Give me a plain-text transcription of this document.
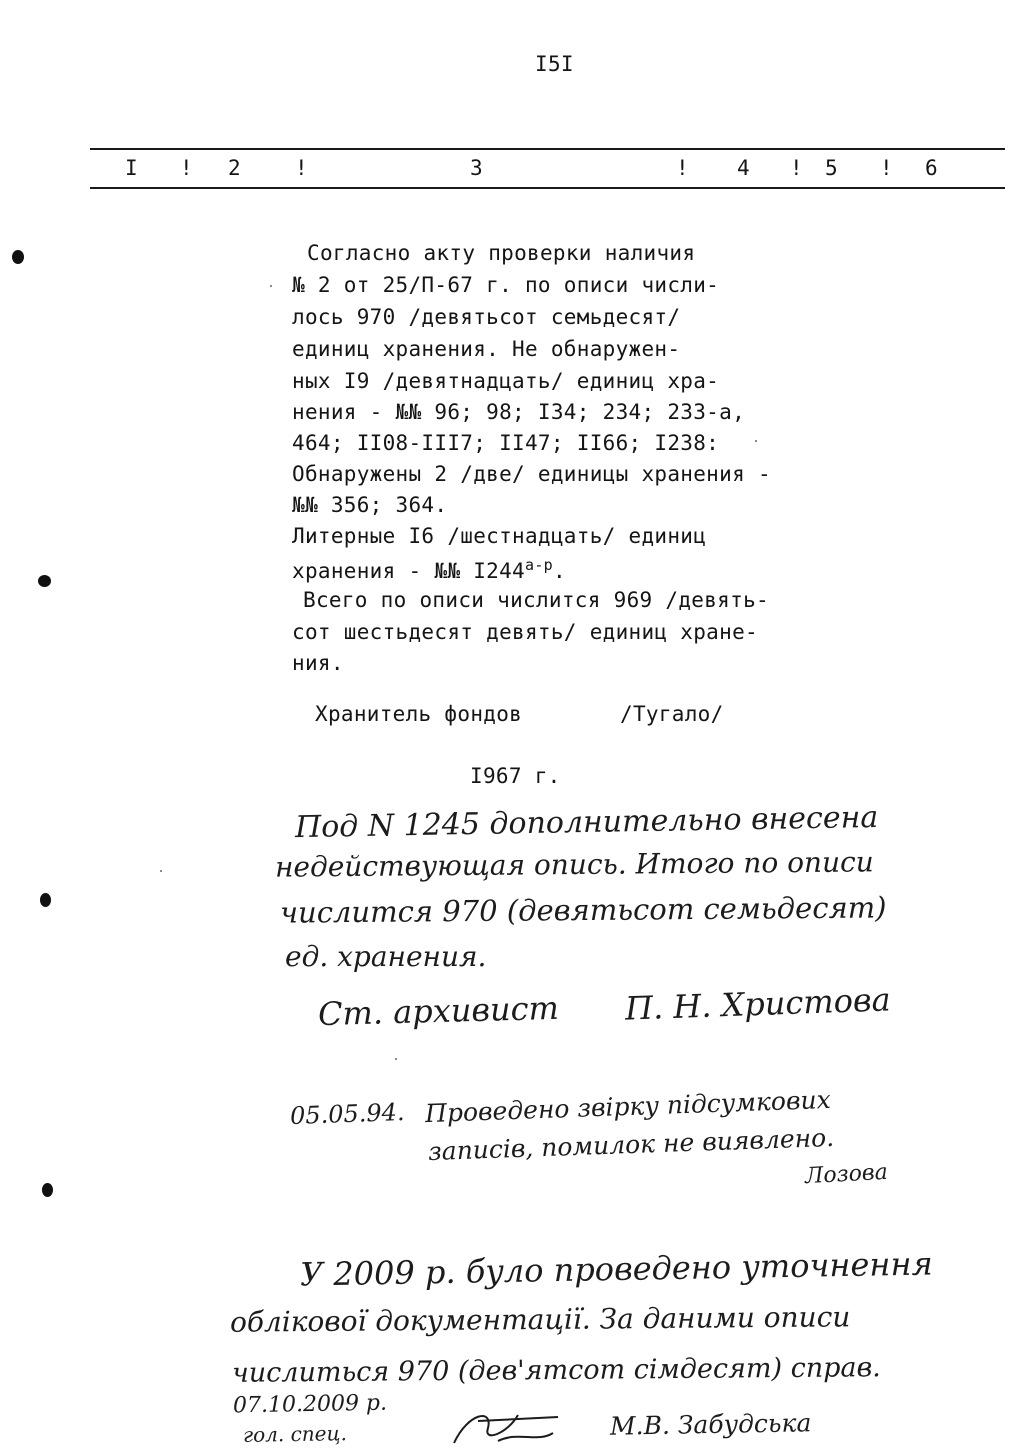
I5I
I ! 2	!	3	! 4 ! 5 ! 6
Согласно акту проверки наличия
№ 2 от 25/П-67 г. по описи числи-
лось 970 /девятьсот семьдесят/
единиц хранения. Не обнаружен-
ных I9 /девятнадцать/ единиц хра-
нения - №№ 96; 98; I34; 234; 233-а,
464; II08-III7; II47; II66; I238:
Обнаружены 2 /две/ единицы хранения -
№№ 356; 364.
Литерные I6 /шестнадцать/ единиц
хранения - №№ $I244^{а-р}$.
Всего по описи числится 969 /девять-
сот шестьдесят девять/ единиц хране-
ния.
Хранитель фондов	/Тугало/
I967 г.
Под N 1245 дополнительно внесена
недействующая опись. Итого по описи
числится 970 (девятьсот семьдесят)
ед. хранения.
Ст. архивист П. Н. Христова
05.05.94. Проведено звірку підсумкових
записів, помилок не виявлено.
Лозова
У 2009 р. було проведено уточнення
облікової документації. За даними описи
числиться 970 (дев'ятсот сімдесят) справ.
07.10.2009 р.
гол. спец.	М.В. Забудська
